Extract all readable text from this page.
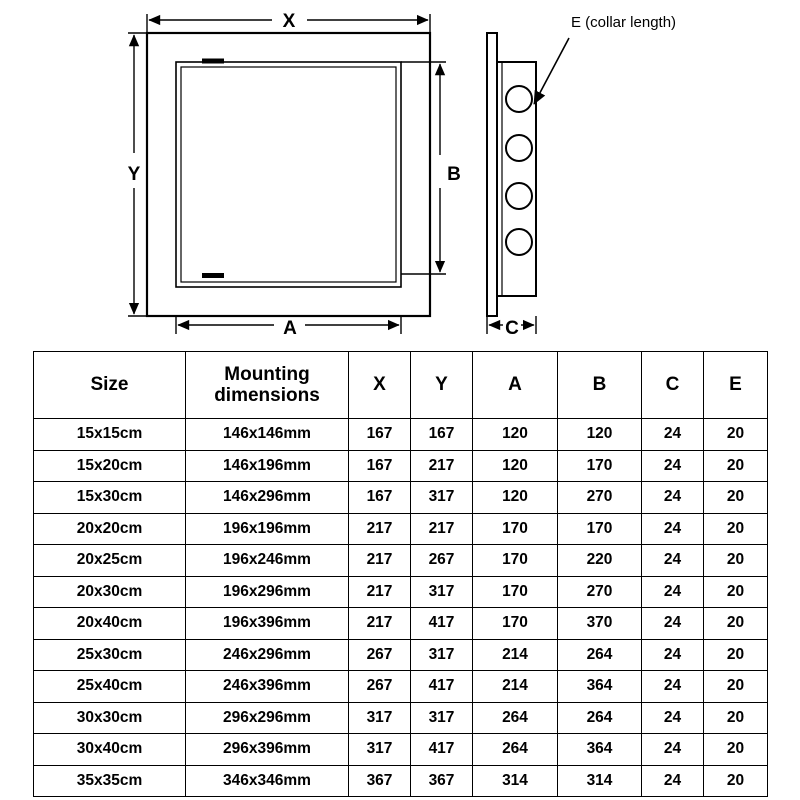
X
Y
A
B
C
E (collar length)
Size	Mounting dimensions	X	Y	A	B	C	E
15x15cm	146x146mm	167	167	120	120	24	20
15x20cm	146x196mm	167	217	120	170	24	20
15x30cm	146x296mm	167	317	120	270	24	20
20x20cm	196x196mm	217	217	170	170	24	20
20x25cm	196x246mm	217	267	170	220	24	20
20x30cm	196x296mm	217	317	170	270	24	20
20x40cm	196x396mm	217	417	170	370	24	20
25x30cm	246x296mm	267	317	214	264	24	20
25x40cm	246x396mm	267	417	214	364	24	20
30x30cm	296x296mm	317	317	264	264	24	20
30x40cm	296x396mm	317	417	264	364	24	20
35x35cm	346x346mm	367	367	314	314	24	20
